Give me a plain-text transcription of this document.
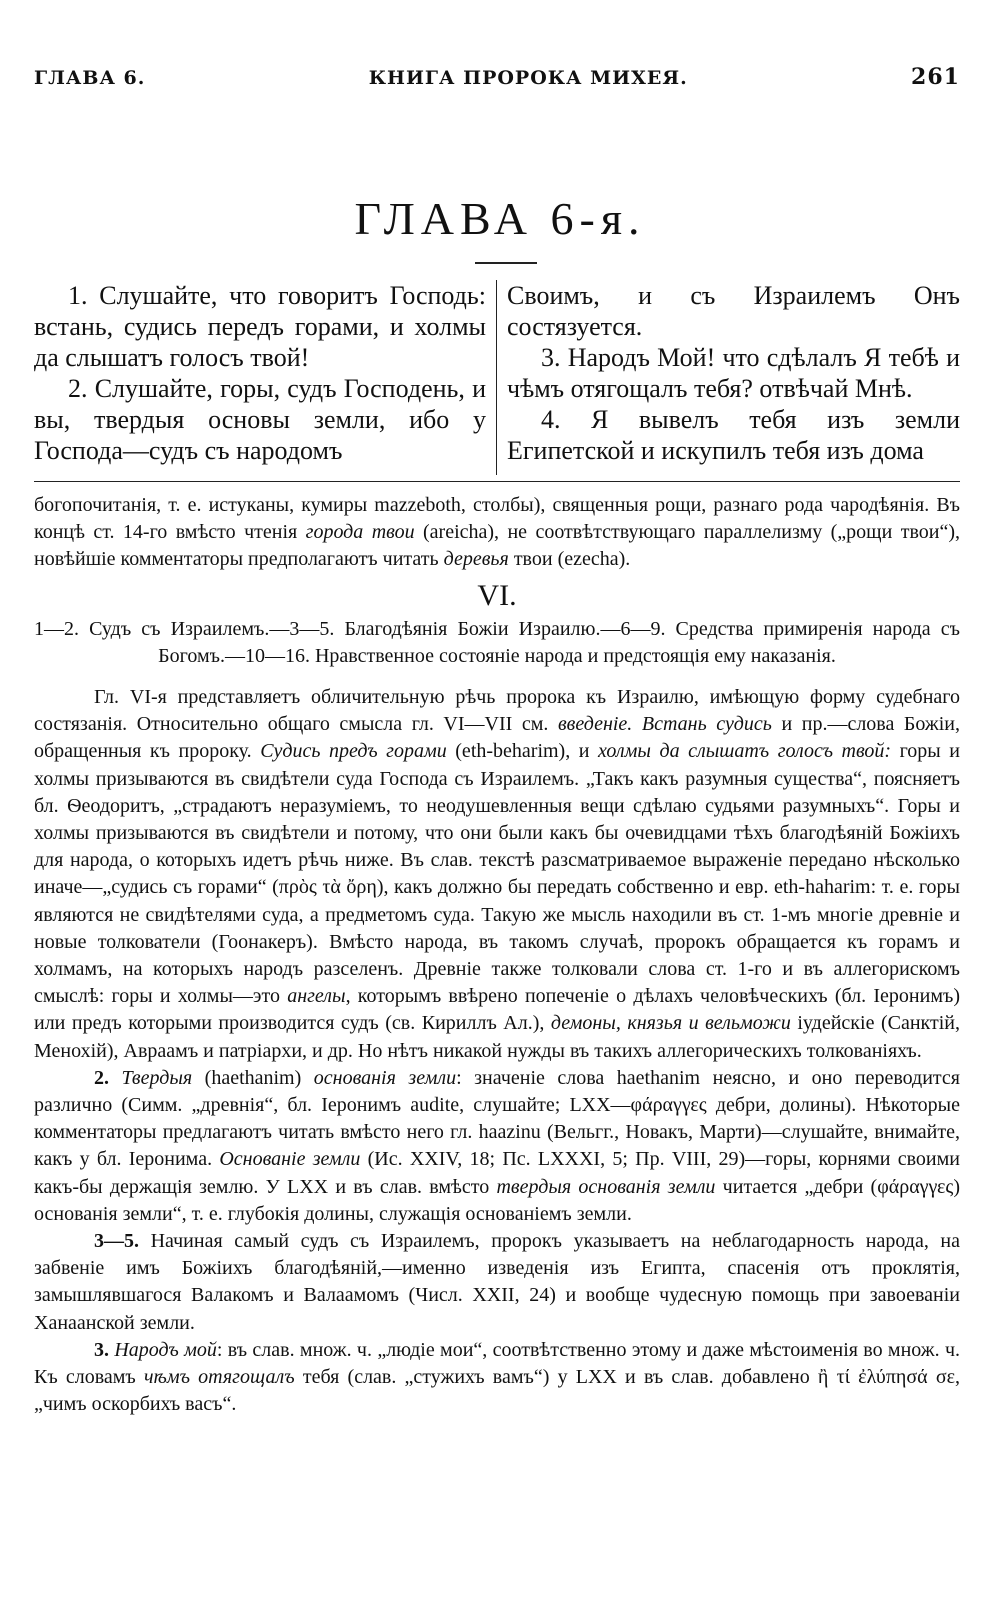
ГЛАВА 6.	КНИГА ПРОРОКА МИХЕЯ.	261
ГЛАВА 6-я.

1. Слушайте, что говоритъ Господь: встань, судись передъ горами, и холмы да слышатъ голосъ твой!

2. Слушайте, горы, судъ Господень, и вы, твердыя основы земли, ибо у Господа—судъ съ народомъ

Своимъ, и съ Израилемъ Онъ состязуется.

3. Народъ Мой! что сдѣлалъ Я тебѣ и чѣмъ отягощалъ тебя? отвѣчай Мнѣ.

4. Я вывелъ тебя изъ земли Египетской и искупилъ тебя изъ дома

богопочитанія, т. е. истуканы, кумиры mazzeboth, столбы), священныя рощи, разнаго рода чародѣянія. Въ концѣ ст. 14-го вмѣсто чтенія города твои (areicha), не соотвѣтствующаго параллелизму („рощи твои“), новѣйшіе комментаторы предполагаютъ читать деревья твои (ezecha).

VI.

1—2. Судъ съ Израилемъ.—3—5. Благодѣянія Божіи Израилю.—6—9. Средства примиренія народа съ Богомъ.—10—16. Нравственное состояніе народа и предстоящія ему наказанія.

Гл. VI-я представляетъ обличительную рѣчь пророка къ Израилю, имѣющую форму судебнаго состязанія. Относительно общаго смысла гл. VI—VII см. введеніе. Встань судись и пр.—слова Божіи, обращенныя къ пророку. Судись предъ горами (eth-beharim), и холмы да слышатъ голосъ твой: горы и холмы призываются въ свидѣтели суда Господа съ Израилемъ. „Такъ какъ разумныя существа“, поясняетъ бл. Ѳеодоритъ, „страдаютъ неразуміемъ, то неодушевленныя вещи сдѣлаю судьями разумныхъ“. Горы и холмы призываются въ свидѣтели и потому, что они были какъ бы очевидцами тѣхъ благодѣяній Божіихъ для народа, о которыхъ идетъ рѣчь ниже. Въ слав. текстѣ разсматриваемое выраженіе передано нѣсколько иначе—„судись съ горами“ (πρὸς τὰ ὄρη), какъ должно бы передать собственно и евр. eth-haharim: т. е. горы являются не свидѣтелями суда, а предметомъ суда. Такую же мысль находили въ ст. 1-мъ многіе древніе и новые толкователи (Гоонакеръ). Вмѣсто народа, въ такомъ случаѣ, пророкъ обращается къ горамъ и холмамъ, на которыхъ народъ разселенъ. Древніе также толковали слова ст. 1-го и въ аллегорискомъ смыслѣ: горы и холмы—это ангелы, которымъ ввѣрено попеченіе о дѣлахъ человѣческихъ (бл. Іеронимъ) или предъ которыми производится судъ (св. Кириллъ Ал.), демоны, князья и вельможи іудейскіе (Санктій, Менохій), Авраамъ и патріархи, и др. Но нѣтъ никакой нужды въ такихъ аллегорическихъ толкованіяхъ.

2. Твердыя (haethanim) основанія земли: значеніе слова haethanim неясно, и оно переводится различно (Симм. „древнія“, бл. Іеронимъ audite, слушайте; LXX—φάραγγες дебри, долины). Нѣкоторые комментаторы предлагаютъ читать вмѣсто него гл. haazinu (Вельгг., Новакъ, Марти)—слушайте, внимайте, какъ у бл. Іеронима. Основаніе земли (Ис. XXIV, 18; Пс. LXXXI, 5; Пр. VIII, 29)—горы, корнями своими какъ-бы держащія землю. У LXX и въ слав. вмѣсто твердыя основанія земли читается „дебри (φάραγγες) основанія земли“, т. е. глубокія долины, служащія основаніемъ земли.

3—5. Начиная самый судъ съ Израилемъ, пророкъ указываетъ на неблагодарность народа, на забвеніе имъ Божіихъ благодѣяній,—именно изведенія изъ Египта, спасенія отъ проклятія, замышлявшагося Валакомъ и Валаамомъ (Числ. XXII, 24) и вообще чудесную помощь при завоеваніи Ханаанской земли.

3. Народъ мой: въ слав. множ. ч. „людіе мои“, соотвѣтственно этому и даже мѣстоименія во множ. ч. Къ словамъ чѣмъ отягощалъ тебя (слав. „стужихъ вамъ“) у LXX и въ слав. добавлено ἢ τί ἐλύπησά σε, „чимъ оскорбихъ васъ“.
